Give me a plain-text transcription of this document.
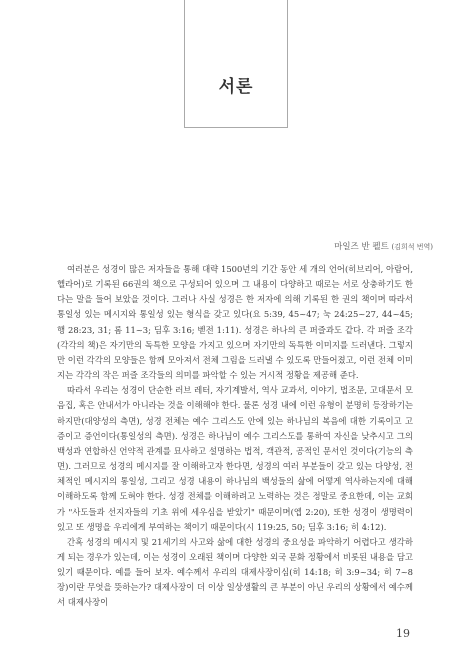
서론
마일즈 반 펠트 (김희석 번역)

여러분은 성경이 많은 저자들을 통해 대략 1500년의 기간 동안 세 개의 언어(히브리어, 아람어, 헬라어)로 기록된 66권의 책으로 구성되어 있으며 그 내용이 다양하고 때로는 서로 상충하기도 한다는 말을 들어 보았을 것이다. 그러나 사실 성경은 한 저자에 의해 기록된 한 권의 책이며 따라서 통일성 있는 메시지와 통일성 있는 형식을 갖고 있다(요 5:39, 45~47; 눅 24:25~27, 44~45; 행 28:23, 31; 롬 11~3; 딤후 3:16; 벧전 1:11). 성경은 하나의 큰 퍼즐과도 같다. 각 퍼즐 조각(각각의 책)은 자기만의 독특한 모양을 가지고 있으며 자기만의 독특한 이미지를 드러낸다. 그렇지만 이런 각각의 모양들은 함께 모아져서 전체 그림을 드러낼 수 있도록 만들어졌고, 이런 전체 이미지는 각각의 작은 퍼즐 조각들의 의미를 파악할 수 있는 거시적 정황을 제공해 준다.

따라서 우리는 성경이 단순한 러브 레터, 자기계발서, 역사 교과서, 이야기, 법조문, 고대문서 모음집, 혹은 안내서가 아니라는 것을 이해해야 한다. 물론 성경 내에 이런 유형이 분명히 등장하기는 하지만(대양성의 측면), 성경 전체는 예수 그리스도 안에 있는 하나님의 복음에 대한 기록이고 고증이고 증언이다(통일성의 측면). 성경은 하나님이 예수 그리스도를 통하여 자신을 낮추시고 그의 백성과 연합하신 언약적 관계를 묘사하고 설명하는 법적, 객관적, 공적인 문서인 것이다(기능의 측면). 그러므로 성경의 메시지를 잘 이해하고자 한다면, 성경의 여러 부분들이 갖고 있는 다양성, 전체적인 메시지의 통일성, 그리고 성경 내용이 하나님의 백성들의 삶에 어떻게 역사하는지에 대해 이해하도록 함께 도혀야 한다. 성경 전체를 이해하려고 노력하는 것은 정말로 중요한데, 이는 교회가 "사도들과 선지자들의 기초 위에 세우심을 받았기" 때문이며(엡 2:20), 또한 성경이 생명력이 있고 또 생명을 우리에게 부여하는 책이기 때문이다(시 119:25, 50; 딤후 3:16; 히 4:12).

간혹 성경의 메시지 및 21세기의 사고와 삶에 대한 성경의 중요성을 파악하기 어렵다고 생각하게 되는 경우가 있는데, 이는 성경이 오래된 책이며 다양한 외국 문화 정황에서 비롯된 내용을 담고 있기 때문이다. 예를 들어 보자. 예수께서 우리의 대제사장이심(히 14:18; 히 3:9~34; 히 7~8장)이란 무엇을 뜻하는가? 대제사장이 더 이상 일상생활의 큰 부분이 아닌 우리의 상황에서 예수께서 대제사장이

19
